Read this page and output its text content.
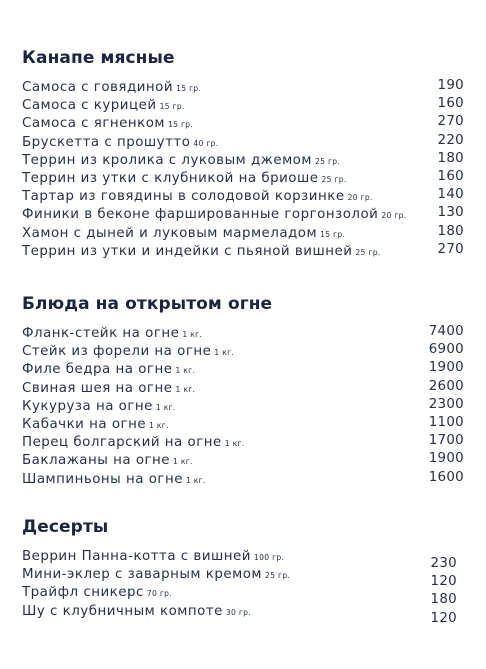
Канапе мясные
Самоса с говядиной 15 гр.	190
Самоса с курицей 15 гр.	160
Самоса с ягненком 15 гр.	270
Брускетта с прошутто 40 гр.	220
Террин из кролика с луковым джемом 25 гр.	180
Террин из утки с клубникой на бриоше 25 гр.	160
Тартар из говядины в солодовой корзинке 20 гр.	140
Финики в беконе фаршированные горгонзолой 20 гр. 130
Хамон с дыней и луковым мармеладом 15 гр.	180
Террин из утки и индейки с пьяной вишней 25 гр.	270
Блюда на открытом огне
Фланк-стейк на огне 1 кг.	7400
Стейк из форели на огне 1 кг.	6900
Филе бедра на огне 1 кг.	1900
Свиная шея на огне 1 кг.	2600
Кукуруза на огне 1 кг.	2300
Кабачки на огне 1 кг.	1100
Перец болгарский на огне 1 кг.	1700
Баклажаны на огне 1 кг.	1900
Шампиньоны на огне 1 кг.	1600
Десерты
Веррин Панна-котта с вишней 100 гр.	230
Мини-эклер с заварным кремом 25 гр.	120
Трайфл сникерс 70 гр.	180
Шу с клубничным компоте 30 гр.	120
